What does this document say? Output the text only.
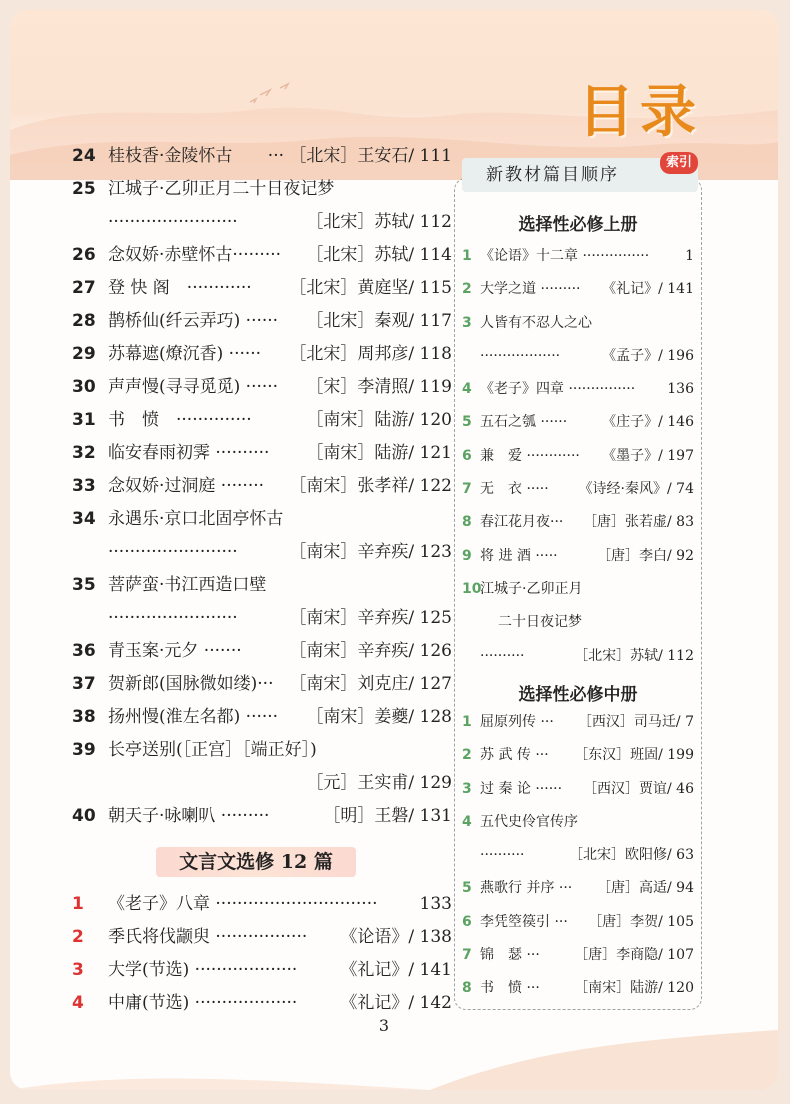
目录
24 桂枝香·金陵怀古 ··· ［北宋］王安石/ 111
25 江城子·乙卯正月二十日夜记梦
························	［北宋］苏轼/ 112
26 念奴娇·赤壁怀古········· ［北宋］苏轼/ 114
27 登 快 阁　············ ［北宋］黄庭坚/ 115
28 鹊桥仙(纤云弄巧) ······ ［北宋］秦观/ 117
29 苏幕遮(燎沉香) ······ ［北宋］周邦彦/ 118
30 声声慢(寻寻觅觅) ······ ［宋］李清照/ 119
31 书　愤　··············	［南宋］陆游/ 120
32 临安春雨初霁 ·········· ［南宋］陆游/ 121
33 念奴娇·过洞庭 ········ ［南宋］张孝祥/ 122
34 永遇乐·京口北固亭怀古
························	［南宋］辛弃疾/ 123
35 菩萨蛮·书江西造口壁
························	［南宋］辛弃疾/ 125
36 青玉案·元夕 ·······	［南宋］辛弃疾/ 126
37 贺新郎(国脉微如缕)··· ［南宋］刘克庄/ 127
38 扬州慢(淮左名都) ······ ［南宋］姜夔/ 128
39 长亭送别(［正宫］［端正好］)
［元］王实甫/ 129
40 朝天子·咏喇叭 ·········	［明］王磐/ 131
文言文选修 12 篇
1	《老子》八章 ······························ 133
2	季氏将伐颛臾 ················· 《论语》/ 138
3	大学(节选) ···················	《礼记》/ 141
4	中庸(节选) ···················	《礼记》/ 142
3
新教材篇目顺序
索引
选择性必修上册
1 《论语》十二章 ···············	1
2 大学之道 ········· 《礼记》/ 141
3 人皆有不忍人之心
··················	《孟子》/ 196
4 《老子》四章 ··············· 136
5 五石之瓠 ······ 《庄子》/ 146
6 兼　爱 ············ 《墨子》/ 197
7 无　衣 ····· 《诗经·秦风》/ 74
8 春江花月夜··· ［唐］张若虚/ 83
9 将 进 酒 ·····	［唐］李白/ 92
10
江城子·乙卯正月
二十日夜记梦
··········	［北宋］苏轼/ 112
选择性必修中册
1 屈原列传 ··· ［西汉］司马迁/ 7
2 苏 武 传 ··· ［东汉］班固/ 199
3 过 秦 论 ······ ［西汉］贾谊/ 46
4 五代史伶官传序
··········	［北宋］欧阳修/ 63
5 燕歌行 并序 ··· ［唐］高适/ 94
6 李凭箜篌引 ··· ［唐］李贺/ 105
7 锦　瑟 ··· ［唐］李商隐/ 107
8 书　愤 ··· ［南宋］陆游/ 120
